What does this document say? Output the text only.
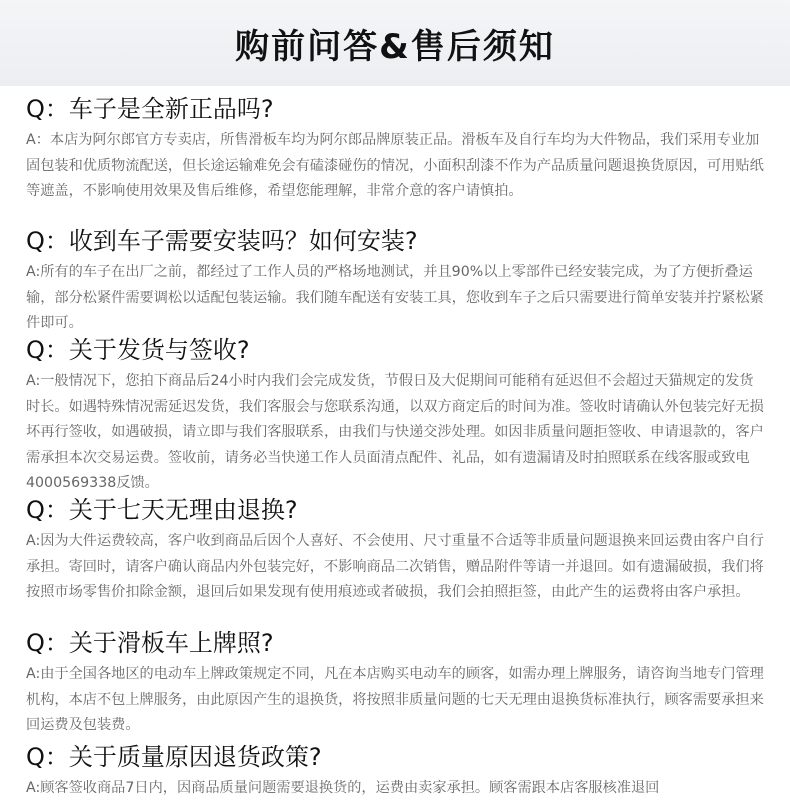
购前问答&售后须知
Q：车子是全新正品吗?
A：本店为阿尔郎官方专卖店，所售滑板车均为阿尔郎品牌原装正品。滑板车及自行车均为大件物品，我们采用专业加固包装和优质物流配送，但长途运输难免会有磕漆碰伤的情况，小面积刮漆不作为产品质量问题退换货原因，可用贴纸等遮盖，不影响使用效果及售后维修，希望您能理解，非常介意的客户请慎拍。
Q：收到车子需要安装吗？如何安装?
A:所有的车子在出厂之前，都经过了工作人员的严格场地测试，并且90%以上零部件已经安装完成，为了方便折叠运输，部分松紧件需要调松以适配包装运输。我们随车配送有安装工具，您收到车子之后只需要进行简单安装并拧紧松紧件即可。
Q：关于发货与签收?
A:一般情况下，您拍下商品后24小时内我们会完成发货，节假日及大促期间可能稍有延迟但不会超过天猫规定的发货时长。如遇特殊情况需延迟发货，我们客服会与您联系沟通，以双方商定后的时间为准。签收时请确认外包装完好无损坏再行签收，如遇破损，请立即与我们客服联系，由我们与快递交涉处理。如因非质量问题拒签收、申请退款的，客户需承担本次交易运费。签收前，请务必当快递工作人员面清点配件、礼品，如有遗漏请及时拍照联系在线客服或致电4000569338反馈。
Q：关于七天无理由退换?
A:因为大件运费较高，客户收到商品后因个人喜好、不会使用、尺寸重量不合适等非质量问题退换来回运费由客户自行承担。寄回时，请客户确认商品内外包装完好，不影响商品二次销售，赠品附件等请一并退回。如有遗漏破损，我们将按照市场零售价扣除金额，退回后如果发现有使用痕迹或者破损，我们会拍照拒签，由此产生的运费将由客户承担。
Q：关于滑板车上牌照?
A:由于全国各地区的电动车上牌政策规定不同，凡在本店购买电动车的顾客，如需办理上牌服务，请咨询当地专门管理机构，本店不包上牌服务，由此原因产生的退换货，将按照非质量问题的七天无理由退换货标准执行，顾客需要承担来回运费及包装费。
Q：关于质量原因退货政策?
A:顾客签收商品7日内，因商品质量问题需要退换货的，运费由卖家承担。顾客需跟本店客服核准退回
